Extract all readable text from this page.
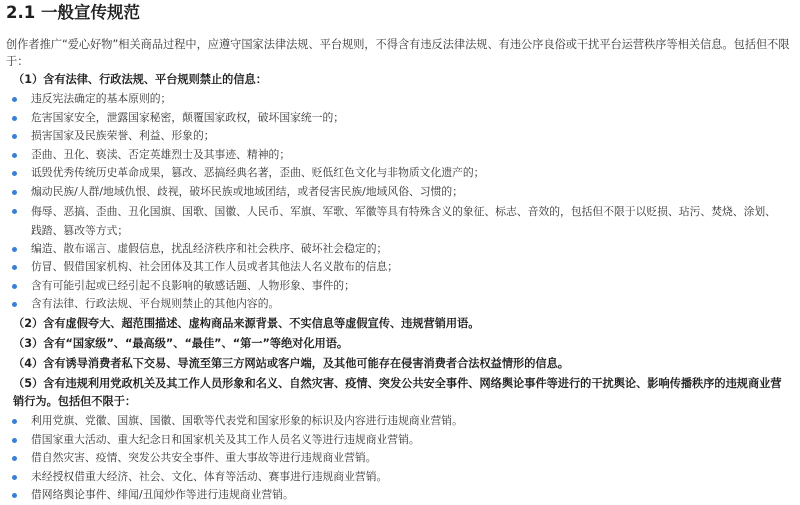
2.1 一般宣传规范

创作者推广“爱心好物”相关商品过程中，应遵守国家法律法规、平台规则，不得含有违反法律法规、有违公序良俗或干扰平台运营秩序等相关信息。包括但不限于：

（1）含有法律、行政法规、平台规则禁止的信息：
违反宪法确定的基本原则的；
危害国家安全，泄露国家秘密，颠覆国家政权，破坏国家统一的；
损害国家及民族荣誉、利益、形象的；
歪曲、丑化、亵渎、否定英雄烈士及其事迹、精神的；
诋毁优秀传统历史革命成果，篡改、恶搞经典名著，歪曲、贬低红色文化与非物质文化遗产的；
煽动民族/人群/地域仇恨、歧视，破坏民族或地域团结，或者侵害民族/地域风俗、习惯的；
侮辱、恶搞、歪曲、丑化国旗、国歌、国徽、人民币、军旗、军歌、军徽等具有特殊含义的象征、标志、音效的，包括但不限于以贬损、玷污、焚烧、涂划、践踏、篡改等方式；
编造、散布谣言、虚假信息，扰乱经济秩序和社会秩序、破坏社会稳定的；
仿冒、假借国家机构、社会团体及其工作人员或者其他法人名义散布的信息；
含有可能引起或已经引起不良影响的敏感话题、人物形象、事件的；
含有法律、行政法规、平台规则禁止的其他内容的。
（2）含有虚假夸大、超范围描述、虚构商品来源背景、不实信息等虚假宣传、违规营销用语。
（3）含有“国家级”、“最高级”、“最佳”、“第一”等绝对化用语。
（4）含有诱导消费者私下交易、导流至第三方网站或客户端，及其他可能存在侵害消费者合法权益情形的信息。
（5）含有违规利用党政机关及其工作人员形象和名义、自然灾害、疫情、突发公共安全事件、网络舆论事件等进行的干扰舆论、影响传播秩序的违规商业营销行为。包括但不限于：
利用党旗、党徽、国旗、国徽、国歌等代表党和国家形象的标识及内容进行违规商业营销。
借国家重大活动、重大纪念日和国家机关及其工作人员名义等进行违规商业营销。
借自然灾害、疫情、突发公共安全事件、重大事故等进行违规商业营销。
未经授权借重大经济、社会、文化、体育等活动、赛事进行违规商业营销。
借网络舆论事件、绯闻/丑闻炒作等进行违规商业营销。
